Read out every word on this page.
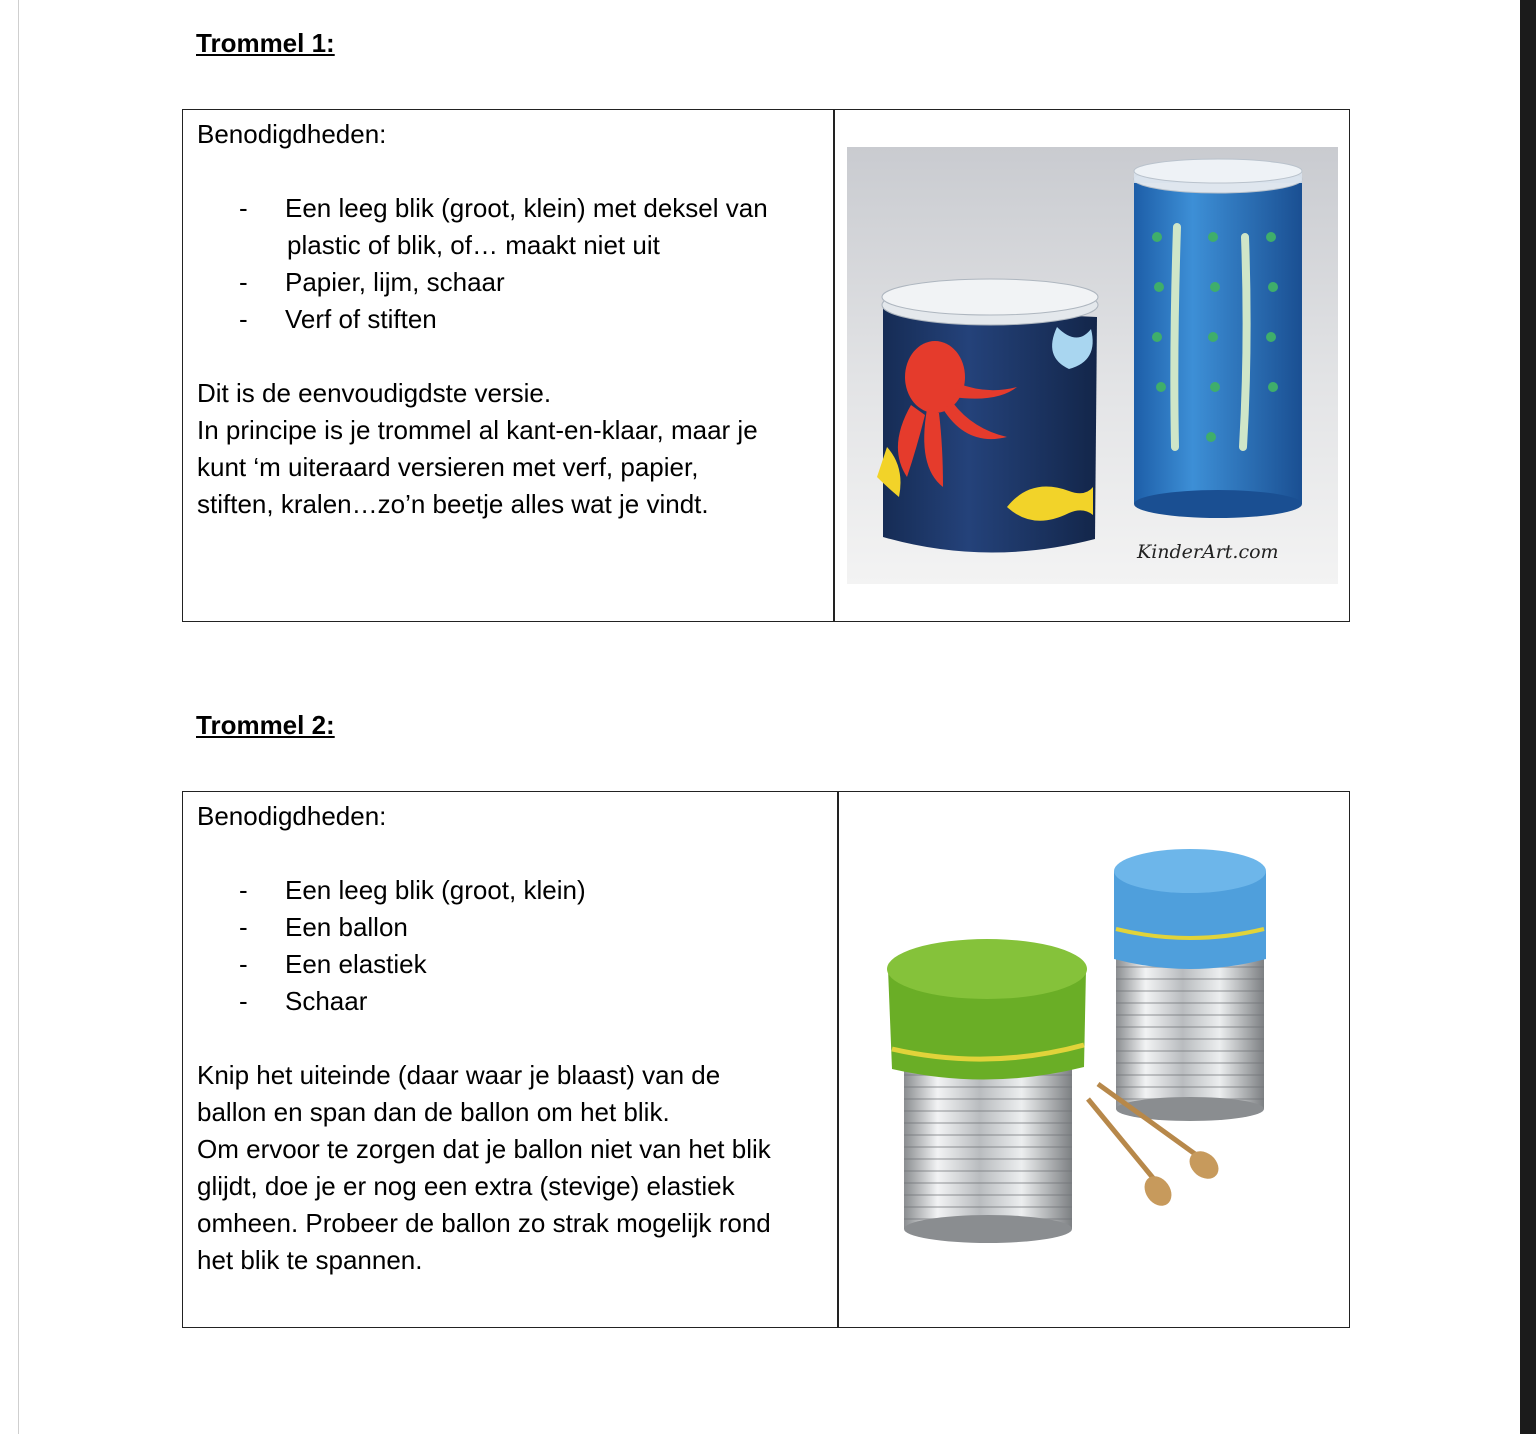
Trommel 1:

Benodigdheden:

- Een leeg blik (groot, klein) met deksel van
plastic of blik, of… maakt niet uit
- Papier, lijm, schaar
- Verf of stiften

Dit is de eenvoudigdste versie.

In principe is je trommel al kant-en-klaar, maar je

kunt ‘m uiteraard versieren met verf, papier,

stiften, kralen…zo’n beetje alles wat je vindt.

KinderArt.com
Trommel 2:

Benodigdheden:

- Een leeg blik (groot, klein)
- Een ballon
- Een elastiek
- Schaar

Knip het uiteinde (daar waar je blaast) van de

ballon en span dan de ballon om het blik.

Om ervoor te zorgen dat je ballon niet van het blik

glijdt, doe je er nog een extra (stevige) elastiek

omheen. Probeer de ballon zo strak mogelijk rond

het blik te spannen.
